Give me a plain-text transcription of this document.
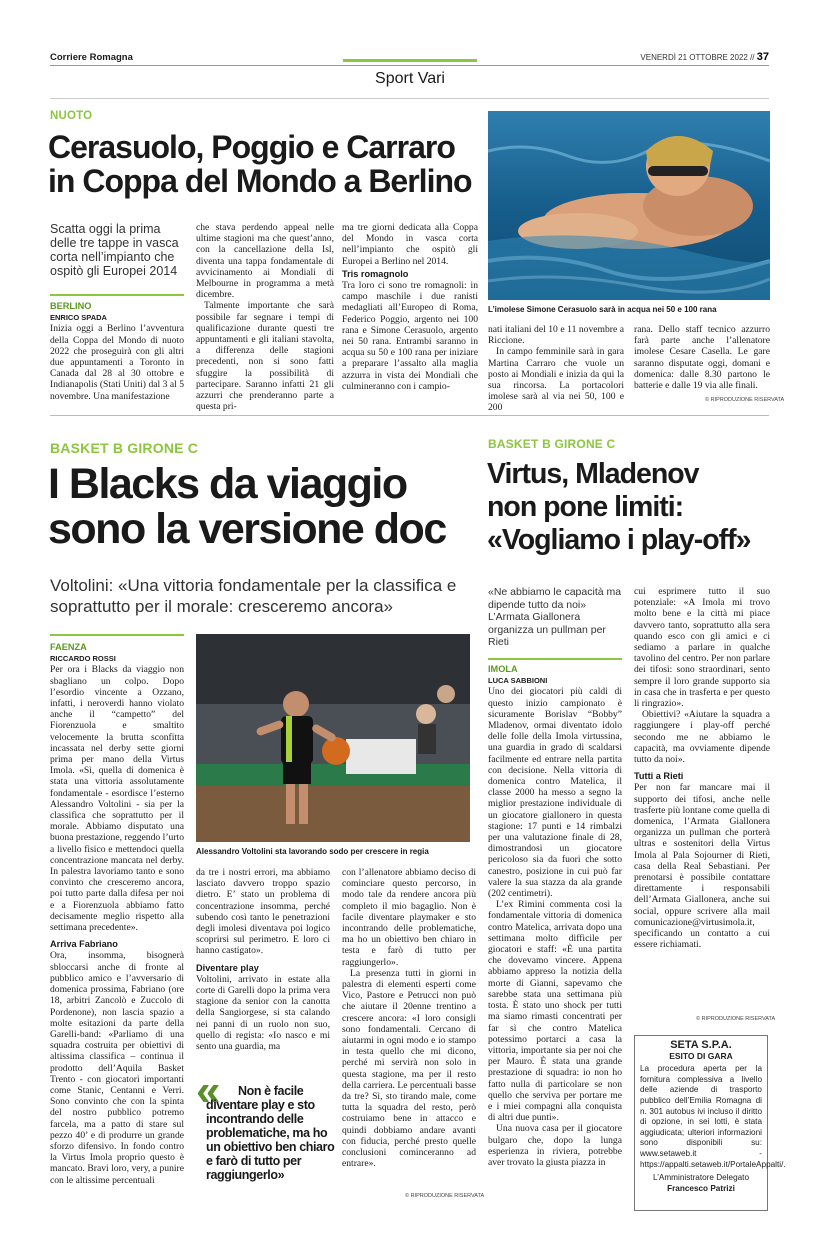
Corriere Romagna	VENERDÌ 21 OTTOBRE 2022 // 37
Sport Vari
NUOTO
Cerasuolo, Poggio e Carraro
in Coppa del Mondo a Berlino
Scatta oggi la prima delle tre tappe in vasca corta nell’impianto che ospitò gli Europei 2014
BERLINO
ENRICO SPADA

Inizia oggi a Berlino l’avventura della Coppa del Mondo di nuoto 2022 che proseguirà con gli altri due appuntamenti a Toronto in Canada dal 28 al 30 ottobre e Indianapolis (Stati Uniti) dal 3 al 5 novembre. Una manifestazione

che stava perdendo appeal nelle ultime stagioni ma che quest’anno, con la cancellazione della Isl, diventa una tappa fondamentale di avvicinamento ai Mondiali di Melbourne in programma a metà dicembre.

Talmente importante che sarà possibile far segnare i tempi di qualificazione durante questi tre appuntamenti e gli italiani stavolta, a differenza delle stagioni precedenti, non si sono fatti sfuggire la possibilità di partecipare. Saranno infatti 21 gli azzurri che prenderanno parte a questa pri-

ma tre giorni dedicata alla Coppa del Mondo in vasca corta nell’impianto che ospitò gli Europei a Berlino nel 2014.

Tris romagnolo

Tra loro ci sono tre romagnoli: in campo maschile i due ranisti medagliati all’Europeo di Roma, Federico Poggio, argento nei 100 rana e Simone Cerasuolo, argento nei 50 rana. Entrambi saranno in acqua su 50 e 100 rana per iniziare a preparare l’assalto alla maglia azzurra in vista dei Mondiali che culmineranno con i campio-

L’imolese Simone Cerasuolo sarà in acqua nei 50 e 100 rana

nati italiani del 10 e 11 novembre a Riccione.

In campo femminile sarà in gara Martina Carraro che vuole un posto ai Mondiali e inizia da qui la sua rincorsa. La portacolori imolese sarà al via nei 50, 100 e 200

rana. Dello staff tecnico azzurro farà parte anche l’allenatore imolese Cesare Casella. Le gare saranno disputate oggi, domani e domenica: dalle 8.30 partono le batterie e dalle 19 via alle finali.

© RIPRODUZIONE RISERVATA
BASKET B GIRONE C
I Blacks da viaggio
sono la versione doc
Voltolini: «Una vittoria fondamentale per la classifica e soprattutto per il morale: cresceremo ancora»
FAENZA
RICCARDO ROSSI

Per ora i Blacks da viaggio non sbagliano un colpo. Dopo l’esordio vincente a Ozzano, infatti, i neroverdi hanno violato anche il “campetto” del Fiorenzuola e smaltito velocemente la brutta sconfitta incassata nel derby sette giorni prima per mano della Virtus Imola. «Sì, quella di domenica è stata una vittoria assolutamente fondamentale - esordisce l’esterno Alessandro Voltolini - sia per la classifica che soprattutto per il morale. Abbiamo disputato una buona prestazione, reggendo l’urto a livello fisico e mettendoci quella concentrazione mancata nel derby. In palestra lavoriamo tanto e sono convinto che cresceremo ancora, poi tutto parte dalla difesa per noi e a Fiorenzuola abbiamo fatto decisamente meglio rispetto alla settimana precedente».

Arriva Fabriano

Ora, insomma, bisognerà sbloccarsi anche di fronte al pubblico amico e l’avversario di domenica prossima, Fabriano (ore 18, arbitri Zancolò e Zuccolo di Pordenone), non lascia spazio a molte esitazioni da parte della Garelli-band: «Parliamo di una squadra costruita per obiettivi di altissima classifica – continua il prodotto dell’Aquila Basket Trento - con giocatori importanti come Stanic, Centanni e Verri. Sono convinto che con la spinta del nostro pubblico potremo farcela, ma a patto di stare sul pezzo 40’ e di produrre un grande sforzo difensivo. In fondo contro la Virtus Imola proprio questo è mancato. Bravi loro, very, a punire con le altissime percentuali

Alessandro Voltolini sta lavorando sodo per crescere in regia

da tre i nostri errori, ma abbiamo lasciato davvero troppo spazio dietro. E’ stato un problema di concentrazione insomma, perché subendo così tanto le penetrazioni degli imolesi diventava poi logico scoprirsi sul perimetro. E loro ci hanno castigato».

Diventare play

Voltolini, arrivato in estate alla corte di Garelli dopo la prima vera stagione da senior con la canotta della Sangiorgese, si sta calando nei panni di un ruolo non suo, quello di regista: «Io nasco e mi sento una guardia, ma

«	Non è facile diventare play e sto incontrando delle problematiche, ma ho un obiettivo ben chiaro e farò di tutto per raggiungerlo»

con l’allenatore abbiamo deciso di cominciare questo percorso, in modo tale da rendere ancora più completo il mio bagaglio. Non è facile diventare playmaker e sto incontrando delle problematiche, ma ho un obiettivo ben chiaro in testa e farò di tutto per raggiungerlo».

La presenza tutti in giorni in palestra di elementi esperti come Vico, Pastore e Petrucci non può che aiutare il 20enne trentino a crescere ancora: «I loro consigli sono fondamentali. Cercano di aiutarmi in ogni modo e io stampo in testa quello che mi dicono, perché mi servirà non solo in questa stagione, ma per il resto della carriera. Le percentuali basse da tre? Sì, sto tirando male, come tutta la squadra del resto, però costruiamo bene in attacco e quindi dobbiamo andare avanti con fiducia, perché presto quelle conclusioni cominceranno ad entrare».

© RIPRODUZIONE RISERVATA
BASKET B GIRONE C
Virtus, Mladenov
non pone limiti:
«Vogliamo i play-off»
«Ne abbiamo le capacità ma dipende tutto da noi» L’Armata Giallonera organizza un pullman per Rieti
IMOLA
LUCA SABBIONI

Uno dei giocatori più caldi di questo inizio campionato è sicuramente Borislav “Bobby” Mladenov, ormai diventato idolo delle folle della Imola virtussina, una guardia in grado di scaldarsi facilmente ed entrare nella partita con decisione. Nella vittoria di domenica contro Matelica, il classe 2000 ha messo a segno la miglior prestazione individuale di un giocatore giallonero in questa stagione: 17 punti e 14 rimbalzi per una valutazione finale di 28, dimostrandosi un giocatore pericoloso sia da fuori che sotto canestro, posizione in cui può far valere la sua stazza da ala grande (202 centimetri).

L’ex Rimini commenta così la fondamentale vittoria di domenica contro Matelica, arrivata dopo una settimana molto difficile per giocatori e staff: «È una partita che dovevamo vincere. Appena abbiamo appreso la notizia della morte di Gianni, sapevamo che sarebbe stata una settimana più tosta. È stato uno shock per tutti ma siamo rimasti concentrati per far sì che contro Matelica potessimo portarci a casa la vittoria, importante sia per noi che per Mauro. È stata una grande prestazione di squadra: io non ho fatto nulla di particolare se non quello che serviva per portare me e i miei compagni alla conquista di altri due punti».

Una nuova casa per il giocatore bulgaro che, dopo la lunga esperienza in riviera, potrebbe aver trovato la giusta piazza in

cui esprimere tutto il suo potenziale: «A Imola mi trovo molto bene e la città mi piace davvero tanto, soprattutto alla sera quando esco con gli amici e ci sediamo a parlare in qualche tavolino del centro. Per non parlare dei tifosi: sono straordinari, sento sempre il loro grande supporto sia in casa che in trasferta e per questo li ringrazio».

Obiettivi? «Aiutare la squadra a raggiungere i play-off perché secondo me ne abbiamo le capacità, ma ovviamente dipende tutto da noi».

Tutti a Rieti

Per non far mancare mai il supporto dei tifosi, anche nelle trasferte più lontane come quella di domenica, l’Armata Giallonera organizza un pullman che porterà ultras e sostenitori della Virtus Imola al Pala Sojourner di Rieti, casa della Real Sebastiani. Per prenotarsi è possibile contattare direttamente i responsabili dell’Armata Giallonera, anche sui social, oppure scrivere alla mail comunicazione@virtusimola.it, specificando un contatto a cui essere richiamati.

© RIPRODUZIONE RISERVATA
SETA S.P.A.
ESITO DI GARA
La procedura aperta per la fornitura complessiva a livello delle aziende di trasporto pubblico dell’Emilia Romagna di n. 301 autobus ivi incluso il diritto di opzione, in sei lotti, è stata aggiudicata; ulteriori informazioni sono disponibili su: www.setaweb.it - https://appalti.setaweb.it/PortaleAppalti/.
L’Amministratore Delegato
Francesco Patrizi
